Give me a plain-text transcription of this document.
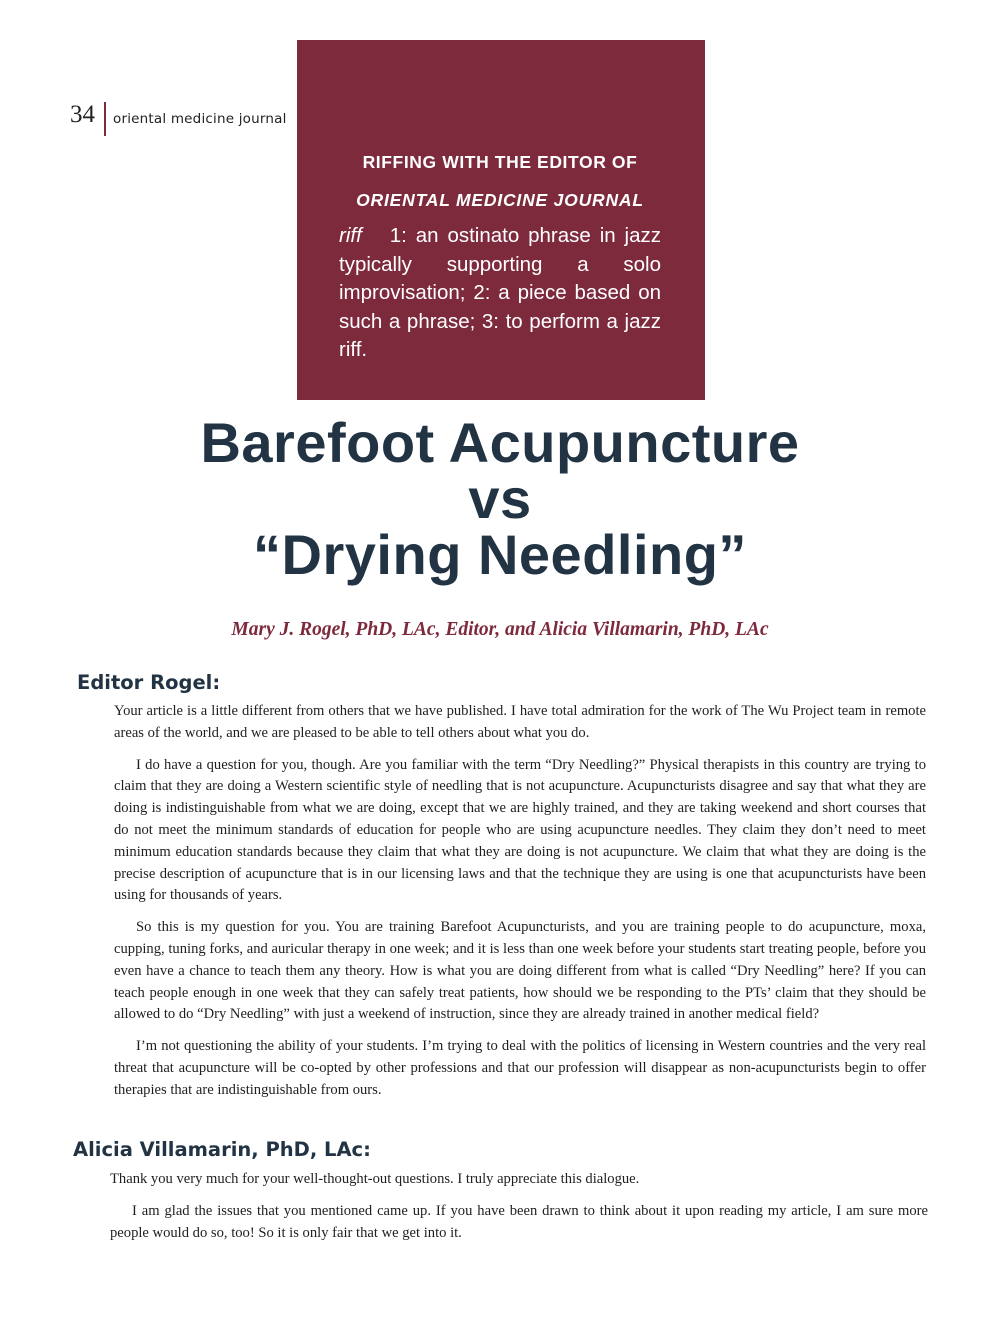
34 oriental medicine journal
RIFFING WITH THE EDITOR OF
ORIENTAL MEDICINE JOURNAL
riff 1: an ostinato phrase in jazz typically supporting a solo improvisation; 2: a piece based on such a phrase; 3: to perform a jazz riff.
Barefoot Acupuncture
vs
“Drying Needling”
Mary J. Rogel, PhD, LAc, Editor, and Alicia Villamarin, PhD, LAc
Editor Rogel:

Your article is a little different from others that we have published. I have total admiration for the work of The Wu Project team in remote areas of the world, and we are pleased to be able to tell others about what you do.

I do have a question for you, though. Are you familiar with the term “Dry Needling?” Physical therapists in this country are trying to claim that they are doing a Western scientific style of needling that is not acupuncture. Acupuncturists disagree and say that what they are doing is indistinguishable from what we are doing, except that we are highly trained, and they are taking weekend and short courses that do not meet the minimum standards of education for people who are using acupuncture needles. They claim they don’t need to meet minimum education standards because they claim that what they are doing is not acupuncture. We claim that what they are doing is the precise description of acupuncture that is in our licensing laws and that the technique they are using is one that acupuncturists have been using for thousands of years.

So this is my question for you. You are training Barefoot Acupuncturists, and you are training people to do acupuncture, moxa, cupping, tuning forks, and auricular therapy in one week; and it is less than one week before your students start treating people, before you even have a chance to teach them any theory. How is what you are doing different from what is called “Dry Needling” here? If you can teach people enough in one week that they can safely treat patients, how should we be responding to the PTs’ claim that they should be allowed to do “Dry Needling” with just a weekend of instruction, since they are already trained in another medical field?

I’m not questioning the ability of your students. I’m trying to deal with the politics of licensing in Western countries and the very real threat that acupuncture will be co-opted by other professions and that our profession will disappear as non-acupuncturists begin to offer therapies that are indistinguishable from ours.

Alicia Villamarin, PhD, LAc:

Thank you very much for your well-thought-out questions. I truly appreciate this dialogue.

I am glad the issues that you mentioned came up. If you have been drawn to think about it upon reading my article, I am sure more people would do so, too! So it is only fair that we get into it.
